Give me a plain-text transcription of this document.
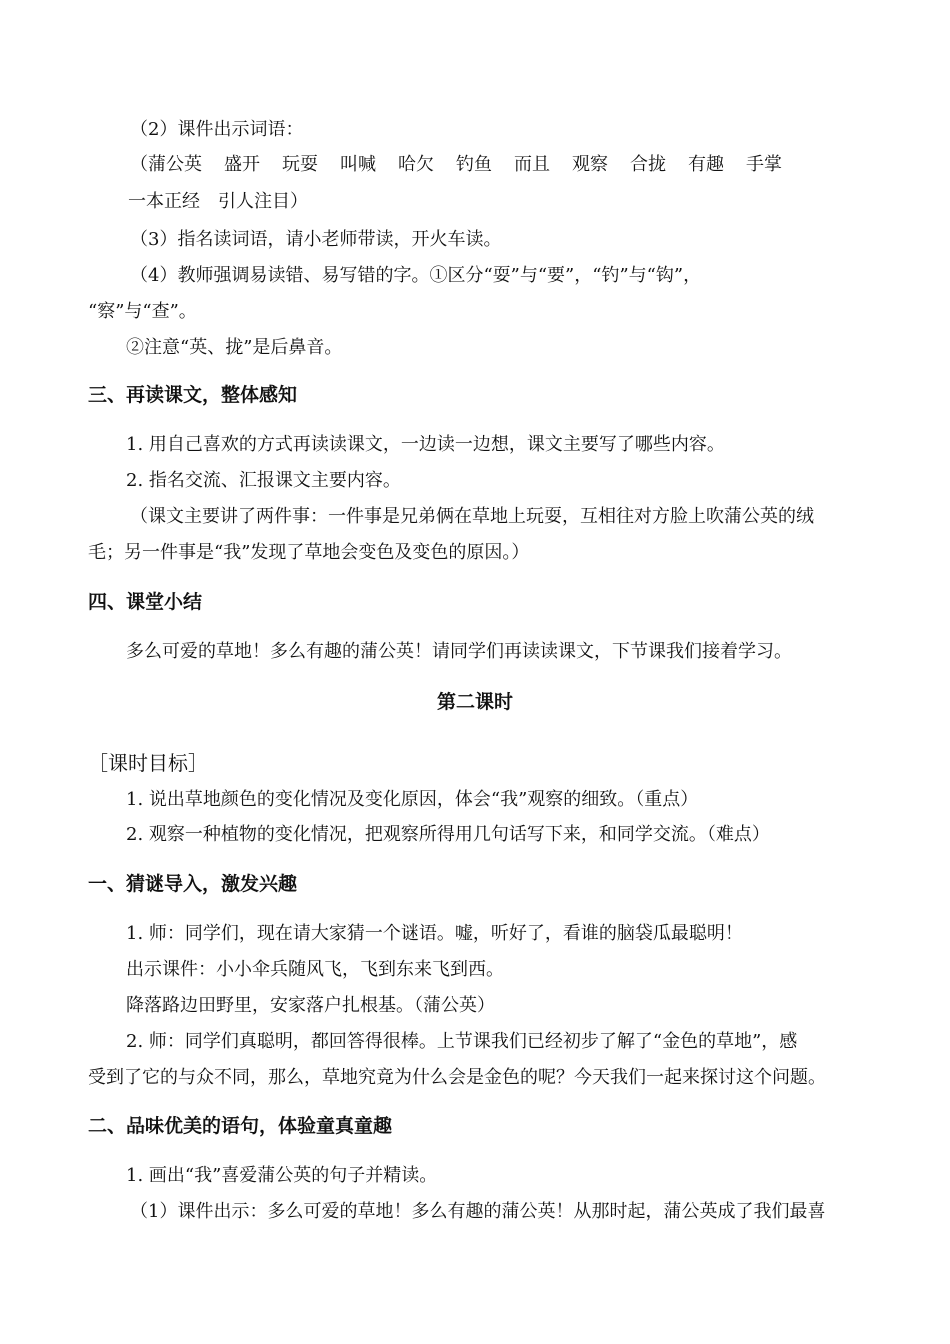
（2）课件出示词语：
（蒲公英 盛开 玩耍 叫喊 哈欠 钓鱼 而且 观察 合拢 有趣 手掌
一本正经　引人注目）
（3）指名读词语，请小老师带读，开火车读。
（4）教师强调易读错、易写错的字。①区分“耍”与“要”，“钓”与“钩”，
“察”与“查”。
②注意“英、拢”是后鼻音。
三、再读课文，整体感知
1. 用自己喜欢的方式再读读课文，一边读一边想，课文主要写了哪些内容。
2. 指名交流、汇报课文主要内容。
（课文主要讲了两件事：一件事是兄弟俩在草地上玩耍，互相往对方脸上吹蒲公英的绒
毛；另一件事是“我”发现了草地会变色及变色的原因。）
四、课堂小结
多么可爱的草地！多么有趣的蒲公英！请同学们再读读课文，下节课我们接着学习。
第二课时
［课时目标］
1. 说出草地颜色的变化情况及变化原因，体会“我”观察的细致。（重点）
2. 观察一种植物的变化情况，把观察所得用几句话写下来，和同学交流。（难点）
一、猜谜导入，激发兴趣
1. 师：同学们，现在请大家猜一个谜语。嘘，听好了，看谁的脑袋瓜最聪明！
出示课件：小小伞兵随风飞，飞到东来飞到西。
降落路边田野里，安家落户扎根基。（蒲公英）
2. 师：同学们真聪明，都回答得很棒。上节课我们已经初步了解了“金色的草地”，感
受到了它的与众不同，那么，草地究竟为什么会是金色的呢？今天我们一起来探讨这个问题。
二、品味优美的语句，体验童真童趣
1. 画出“我”喜爱蒲公英的句子并精读。
（1）课件出示：多么可爱的草地！多么有趣的蒲公英！从那时起，蒲公英成了我们最喜
